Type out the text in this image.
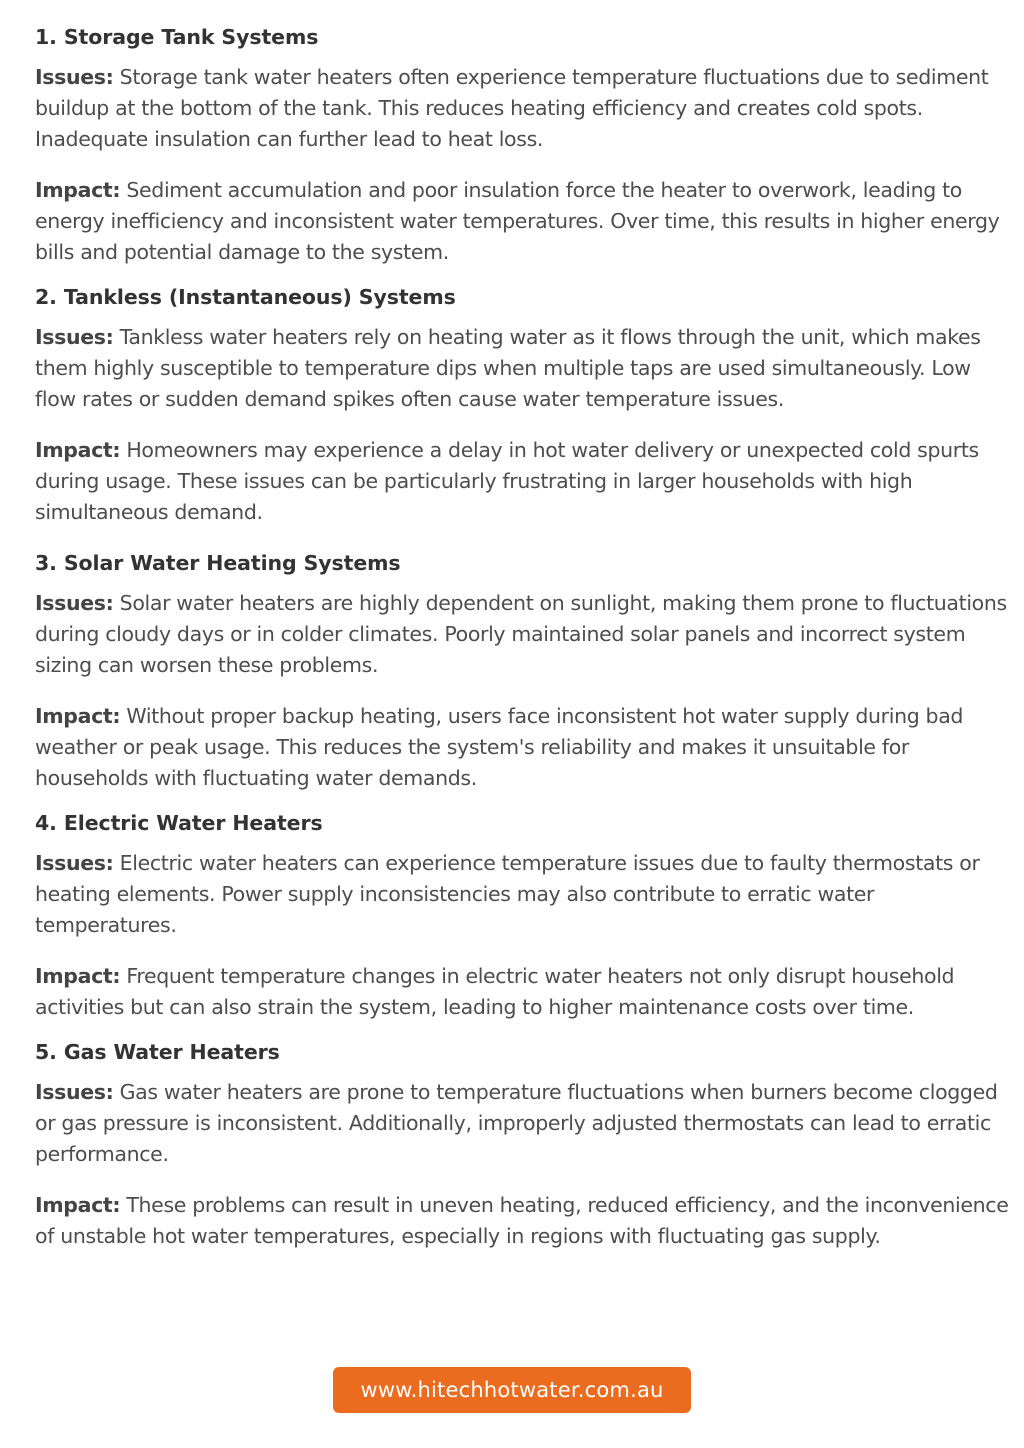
1. Storage Tank Systems

Issues: Storage tank water heaters often experience temperature fluctuations due to sediment buildup at the bottom of the tank. This reduces heating efficiency and creates cold spots. Inadequate insulation can further lead to heat loss.

Impact: Sediment accumulation and poor insulation force the heater to overwork, leading to energy inefficiency and inconsistent water temperatures. Over time, this results in higher energy bills and potential damage to the system.

2. Tankless (Instantaneous) Systems

Issues: Tankless water heaters rely on heating water as it flows through the unit, which makes them highly susceptible to temperature dips when multiple taps are used simultaneously. Low flow rates or sudden demand spikes often cause water temperature issues.

Impact: Homeowners may experience a delay in hot water delivery or unexpected cold spurts during usage. These issues can be particularly frustrating in larger households with high simultaneous demand.

3. Solar Water Heating Systems

Issues: Solar water heaters are highly dependent on sunlight, making them prone to fluctuations during cloudy days or in colder climates. Poorly maintained solar panels and incorrect system sizing can worsen these problems.

Impact: Without proper backup heating, users face inconsistent hot water supply during bad weather or peak usage. This reduces the system's reliability and makes it unsuitable for households with fluctuating water demands.

4. Electric Water Heaters

Issues: Electric water heaters can experience temperature issues due to faulty thermostats or heating elements. Power supply inconsistencies may also contribute to erratic water temperatures.

Impact: Frequent temperature changes in electric water heaters not only disrupt household activities but can also strain the system, leading to higher maintenance costs over time.

5. Gas Water Heaters

Issues: Gas water heaters are prone to temperature fluctuations when burners become clogged or gas pressure is inconsistent. Additionally, improperly adjusted thermostats can lead to erratic performance.

Impact: These problems can result in uneven heating, reduced efficiency, and the inconvenience of unstable hot water temperatures, especially in regions with fluctuating gas supply.

www.hitechhotwater.com.au
